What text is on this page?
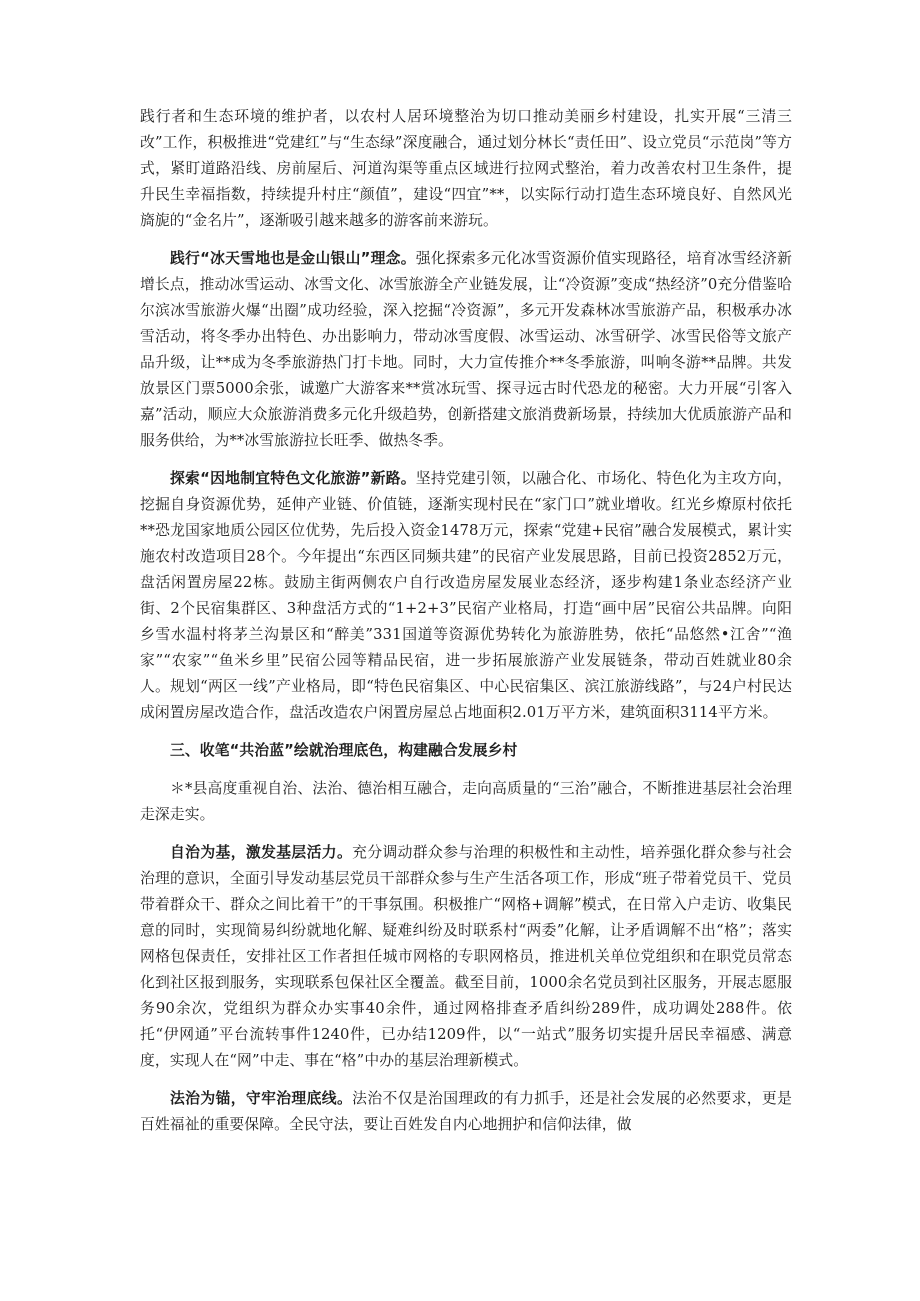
践行者和生态环境的维护者，以农村人居环境整治为切口推动美丽乡村建设，扎实开展“三清三改”工作，积极推进“党建红”与“生态绿”深度融合，通过划分林长“责任田”、设立党员“示范岗”等方式，紧盯道路沿线、房前屋后、河道沟渠等重点区域进行拉网式整治，着力改善农村卫生条件，提升民生幸福指数，持续提升村庄“颜值”，建设“四宜”**，以实际行动打造生态环境良好、自然风光旖旎的“金名片”，逐渐吸引越来越多的游客前来游玩。

践行“冰天雪地也是金山银山”理念。强化探索多元化冰雪资源价值实现路径，培育冰雪经济新增长点，推动冰雪运动、冰雪文化、冰雪旅游全产业链发展，让“冷资源”变成“热经济”0充分借鉴哈尔滨冰雪旅游火爆“出圈”成功经验，深入挖掘“冷资源”，多元开发森林冰雪旅游产品，积极承办冰雪活动，将冬季办出特色、办出影响力，带动冰雪度假、冰雪运动、冰雪研学、冰雪民俗等文旅产品升级，让**成为冬季旅游热门打卡地。同时，大力宣传推介**冬季旅游，叫响冬游**品牌。共发放景区门票5000余张，诚邀广大游客来**赏冰玩雪、探寻远古时代恐龙的秘密。大力开展“引客入嘉”活动，顺应大众旅游消费多元化升级趋势，创新搭建文旅消费新场景，持续加大优质旅游产品和服务供给，为**冰雪旅游拉长旺季、做热冬季。

探索“因地制宜特色文化旅游”新路。坚持党建引领，以融合化、市场化、特色化为主攻方向，挖掘自身资源优势，延伸产业链、价值链，逐渐实现村民在“家门口”就业增收。红光乡燎原村依托**恐龙国家地质公园区位优势，先后投入资金1478万元，探索“党建+民宿”融合发展模式，累计实施农村改造项目28个。今年提出“东西区同频共建”的民宿产业发展思路，目前已投资2852万元，盘活闲置房屋22栋。鼓励主街两侧农户自行改造房屋发展业态经济，逐步构建1条业态经济产业街、2个民宿集群区、3种盘活方式的“1+2+3”民宿产业格局，打造“画中居”民宿公共品牌。向阳乡雪水温村将茅兰沟景区和“醉美”331国道等资源优势转化为旅游胜势，依托“品悠然•江舍”“渔家”“农家”“鱼米乡里”民宿公园等精品民宿，进一步拓展旅游产业发展链条，带动百姓就业80余人。规划“两区一线”产业格局，即“特色民宿集区、中心民宿集区、滨江旅游线路”，与24户村民达成闲置房屋改造合作，盘活改造农户闲置房屋总占地面积2.01万平方米，建筑面积3114平方米。

三、收笔“共治蓝”绘就治理底色，构建融合发展乡村

＊*县高度重视自治、法治、德治相互融合，走向高质量的“三治”融合，不断推进基层社会治理走深走实。

自治为基，激发基层活力。充分调动群众参与治理的积极性和主动性，培养强化群众参与社会治理的意识，全面引导发动基层党员干部群众参与生产生活各项工作，形成“班子带着党员干、党员带着群众干、群众之间比着干”的干事氛围。积极推广“网格+调解”模式，在日常入户走访、收集民意的同时，实现简易纠纷就地化解、疑难纠纷及时联系村“两委”化解，让矛盾调解不出“格”；落实网格包保责任，安排社区工作者担任城市网格的专职网格员，推进机关单位党组织和在职党员常态化到社区报到服务，实现联系包保社区全覆盖。截至目前，1000余名党员到社区服务，开展志愿服务90余次，党组织为群众办实事40余件，通过网格排查矛盾纠纷289件，成功调处288件。依托“伊网通”平台流转事件1240件，已办结1209件，以“一站式”服务切实提升居民幸福感、满意度，实现人在“网”中走、事在“格”中办的基层治理新模式。

法治为锚，守牢治理底线。法治不仅是治国理政的有力抓手，还是社会发展的必然要求，更是百姓福祉的重要保障。全民守法，要让百姓发自内心地拥护和信仰法律，做
